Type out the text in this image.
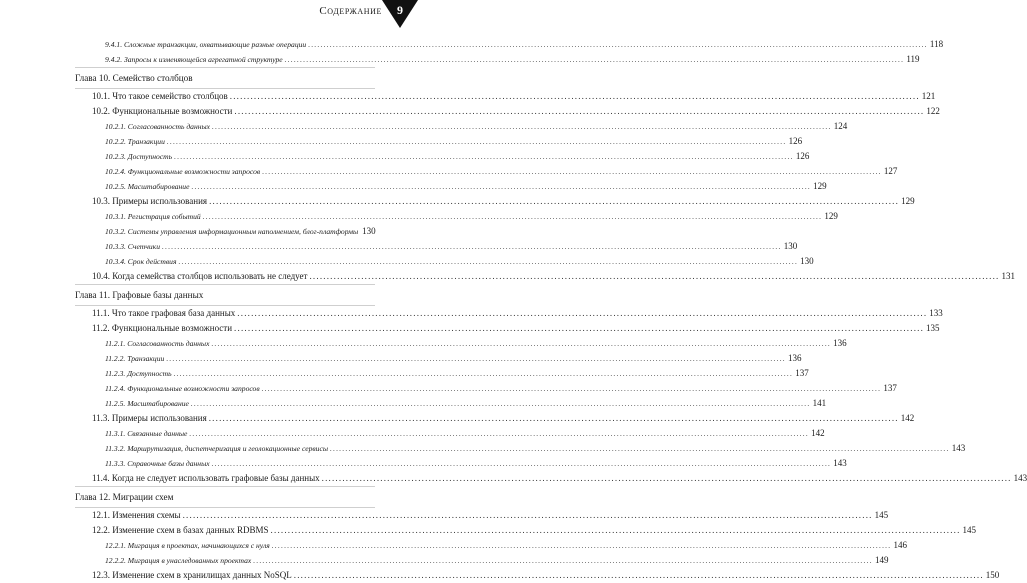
Содержание	9
9.4.1. Сложные транзакции, охватывающие разные операции ........................................................................................................................................................................................................ 118
9.4.2. Запросы к изменяющейся агрегатной структуре ........................................................................................................................................................................................................ 119
Глава 10. Семейство столбцов
10.1. Что такое семейство столбцов ........................................................................................................................................................................................................ 121
10.2. Функциональные возможности ........................................................................................................................................................................................................ 122
10.2.1. Согласованность данных ........................................................................................................................................................................................................ 124
10.2.2. Транзакции ........................................................................................................................................................................................................ 126
10.2.3. Доступность ........................................................................................................................................................................................................ 126
10.2.4. Функциональные возможности запросов ........................................................................................................................................................................................................ 127
10.2.5. Масштабирование ........................................................................................................................................................................................................ 129
10.3. Примеры использования ........................................................................................................................................................................................................ 129
10.3.1. Регистрация событий ........................................................................................................................................................................................................ 129
10.3.2. Системы управления информационным наполнением, блог-платформы 130
10.3.3. Счетчики ........................................................................................................................................................................................................ 130
10.3.4. Срок действия ........................................................................................................................................................................................................ 130
10.4. Когда семейства столбцов использовать не следует ........................................................................................................................................................................................................ 131
Глава 11. Графовые базы данных
11.1. Что такое графовая база данных ........................................................................................................................................................................................................ 133
11.2. Функциональные возможности ........................................................................................................................................................................................................ 135
11.2.1. Согласованность данных ........................................................................................................................................................................................................ 136
11.2.2. Транзакции ........................................................................................................................................................................................................ 136
11.2.3. Доступность ........................................................................................................................................................................................................ 137
11.2.4. Функциональные возможности запросов ........................................................................................................................................................................................................ 137
11.2.5. Масштабирование ........................................................................................................................................................................................................ 141
11.3. Примеры использования ........................................................................................................................................................................................................ 142
11.3.1. Связанные данные ........................................................................................................................................................................................................ 142
11.3.2. Маршрутизация, диспетчеризация и геолокационные сервисы ........................................................................................................................................................................................................ 143
11.3.3. Справочные базы данных ........................................................................................................................................................................................................ 143
11.4. Когда не следует использовать графовые базы данных ........................................................................................................................................................................................................ 143
Глава 12. Миграции схем
12.1. Изменения схемы ........................................................................................................................................................................................................ 145
12.2. Изменение схем в базах данных RDBMS ........................................................................................................................................................................................................ 145
12.2.1. Миграция в проектах, начинающихся с нуля ........................................................................................................................................................................................................ 146
12.2.2. Миграция в унаследованных проектах ........................................................................................................................................................................................................ 149
12.3. Изменение схем в хранилищах данных NoSQL ........................................................................................................................................................................................................ 150
